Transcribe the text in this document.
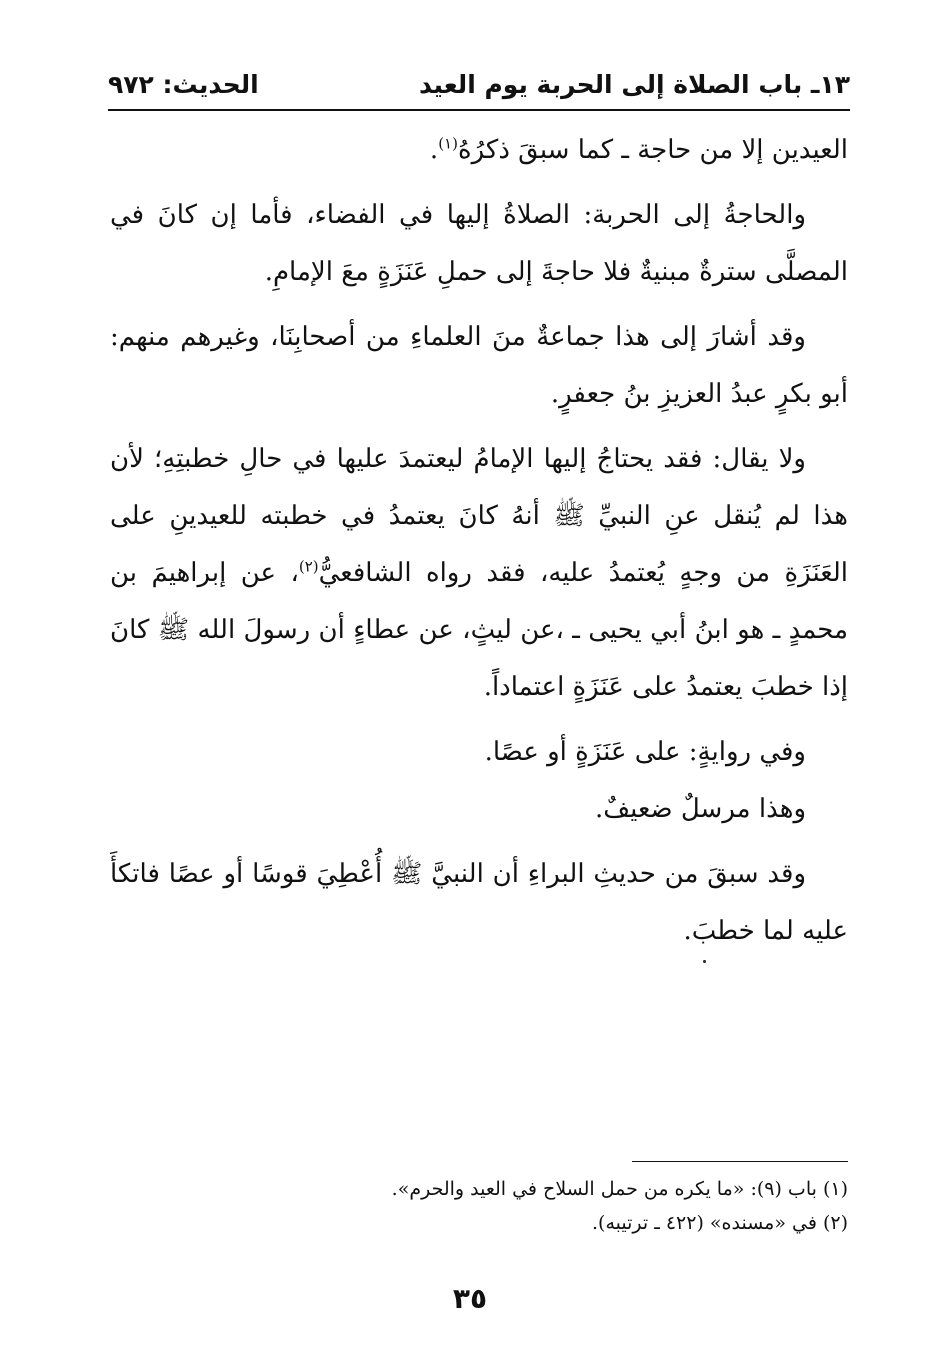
١٣ـ باب الصلاة إلى الحربة يوم العيد
الحديث: ٩٧٢

العيدين إلا من حاجة ـ كما سبقَ ذكرُهُ$^{(١)}$.

والحاجةُ إلى الحربة: الصلاةُ إليها في الفضاء، فأما إن كانَ في المصلَّى سترةٌ مبنيةٌ فلا حاجةَ إلى حملِ عَنَزَةٍ معَ الإمامِ.

وقد أشارَ إلى هذا جماعةٌ منَ العلماءِ من أصحابِنَا، وغيرهم منهم: أبو بكرٍ عبدُ العزيزِ بنُ جعفرٍ.

ولا يقال: فقد يحتاجُ إليها الإمامُ ليعتمدَ عليها في حالِ خطبتِهِ؛ لأن هذا لم يُنقل عنِ النبيِّ ﷺ أنهُ كانَ يعتمدُ في خطبته للعيدينِ على العَنَزَةِ من وجهٍ يُعتمدُ عليه، فقد رواه الشافعيُّ$^{(٢)}$، عن إبراهيمَ بن محمدٍ ـ هو ابنُ أبي يحيى ـ ،عن ليثٍ، عن عطاءٍ أن رسولَ الله ﷺ كانَ إذا خطبَ يعتمدُ على عَنَزَةٍ اعتماداً.

وفي روايةٍ: على عَنَزَةٍ أو عصًا.

وهذا مرسلٌ ضعيفٌ.

وقد سبقَ من حديثِ البراءِ أن النبيَّ ﷺ أُعْطِيَ قوسًا أو عصًا فاتكأَ عليه لما خطبَ.

(١) باب (٩): «ما يكره من حمل السلاح في العيد والحرم».

(٢) في «مسنده» (٤٢٢ ـ ترتيبه).

٣٥
